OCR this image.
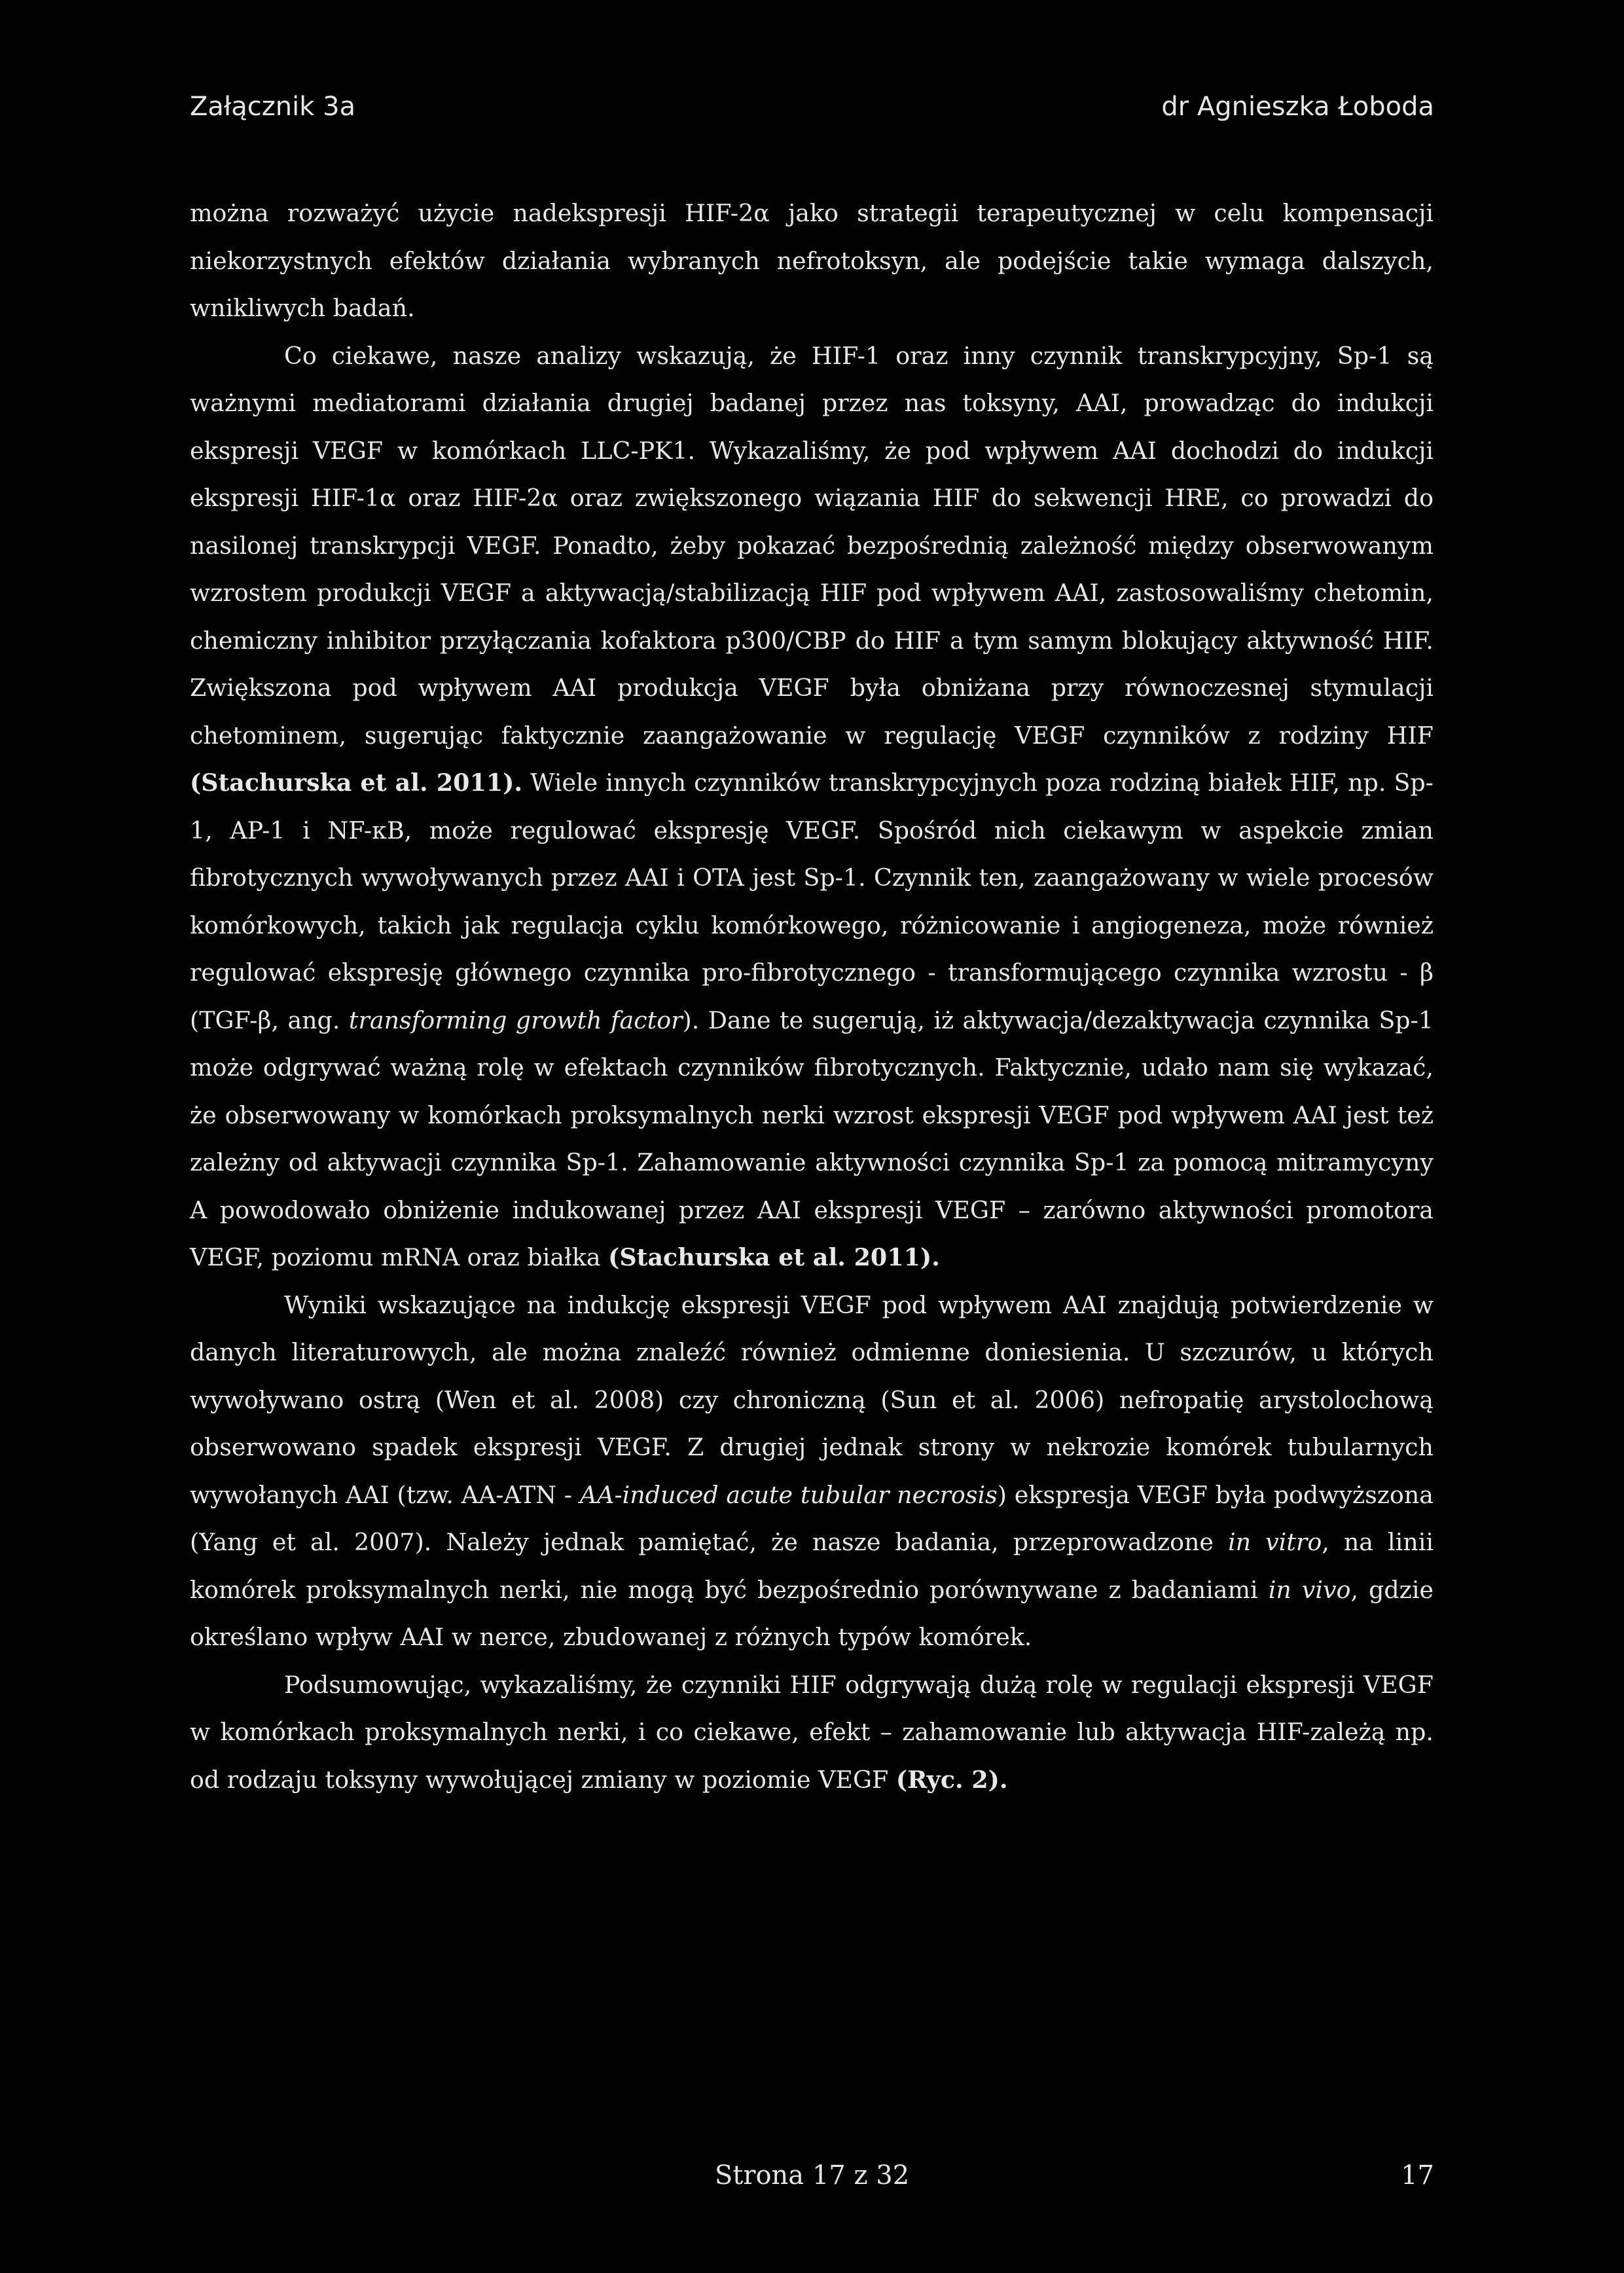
Załącznik 3a	dr Agnieszka Łoboda

można rozważyć użycie nadekspresji HIF-2α jako strategii terapeutycznej w celu kompensacji niekorzystnych efektów działania wybranych nefrotoksyn, ale podejście takie wymaga dalszych, wnikliwych badań.

Co ciekawe, nasze analizy wskazują, że HIF-1 oraz inny czynnik transkrypcyjny, Sp-1 są ważnymi mediatorami działania drugiej badanej przez nas toksyny, AAI, prowadząc do indukcji ekspresji VEGF w komórkach LLC-PK1. Wykazaliśmy, że pod wpływem AAI dochodzi do indukcji ekspresji HIF-1α oraz HIF-2α oraz zwiększonego wiązania HIF do sekwencji HRE, co prowadzi do nasilonej transkrypcji VEGF. Ponadto, żeby pokazać bezpośrednią zależność między obserwowanym wzrostem produkcji VEGF a aktywacją/stabilizacją HIF pod wpływem AAI, zastosowaliśmy chetomin, chemiczny inhibitor przyłączania kofaktora p300/CBP do HIF a tym samym blokujący aktywność HIF. Zwiększona pod wpływem AAI produkcja VEGF była obniżana przy równoczesnej stymulacji chetominem, sugerując faktycznie zaangażowanie w regulację VEGF czynników z rodziny HIF (Stachurska et al. 2011). Wiele innych czynników transkrypcyjnych poza rodziną białek HIF, np. Sp-1, AP-1 i NF-κB, może regulować ekspresję VEGF. Spośród nich ciekawym w aspekcie zmian fibrotycznych wywoływanych przez AAI i OTA jest Sp-1. Czynnik ten, zaangażowany w wiele procesów komórkowych, takich jak regulacja cyklu komórkowego, różnicowanie i angiogeneza, może również regulować ekspresję głównego czynnika pro-fibrotycznego - transformującego czynnika wzrostu - β (TGF-β, ang. transforming growth factor). Dane te sugerują, iż aktywacja/dezaktywacja czynnika Sp-1 może odgrywać ważną rolę w efektach czynników fibrotycznych. Faktycznie, udało nam się wykazać, że obserwowany w komórkach proksymalnych nerki wzrost ekspresji VEGF pod wpływem AAI jest też zależny od aktywacji czynnika Sp-1. Zahamowanie aktywności czynnika Sp-1 za pomocą mitramycyny A powodowało obniżenie indukowanej przez AAI ekspresji VEGF – zarówno aktywności promotora VEGF, poziomu mRNA oraz białka (Stachurska et al. 2011).

Wyniki wskazujące na indukcję ekspresji VEGF pod wpływem AAI znajdują potwierdzenie w danych literaturowych, ale można znaleźć również odmienne doniesienia. U szczurów, u których wywoływano ostrą (Wen et al. 2008) czy chroniczną (Sun et al. 2006) nefropatię arystolochową obserwowano spadek ekspresji VEGF. Z drugiej jednak strony w nekrozie komórek tubularnych wywołanych AAI (tzw. AA-ATN - AA-induced acute tubular necrosis) ekspresja VEGF była podwyższona (Yang et al. 2007). Należy jednak pamiętać, że nasze badania, przeprowadzone in vitro, na linii komórek proksymalnych nerki, nie mogą być bezpośrednio porównywane z badaniami in vivo, gdzie określano wpływ AAI w nerce, zbudowanej z różnych typów komórek.

Podsumowując, wykazaliśmy, że czynniki HIF odgrywają dużą rolę w regulacji ekspresji VEGF w komórkach proksymalnych nerki, i co ciekawe, efekt – zahamowanie lub aktywacja HIF-zależą np. od rodzaju toksyny wywołującej zmiany w poziomie VEGF (Ryc. 2).

Strona 17 z 32	17
